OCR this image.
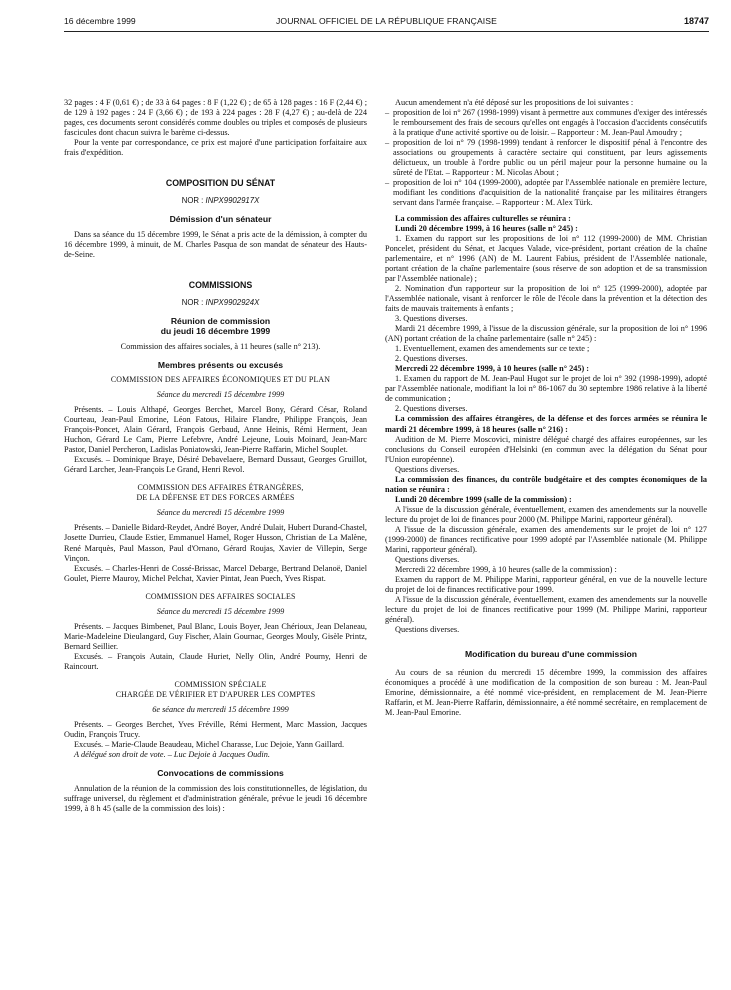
16 décembre 1999	JOURNAL OFFICIEL DE LA RÉPUBLIQUE FRANÇAISE	18747

32 pages : 4 F (0,61 €) ; de 33 à 64 pages : 8 F (1,22 €) ; de 65 à 128 pages : 16 F (2,44 €) ; de 129 à 192 pages : 24 F (3,66 €) ; de 193 à 224 pages : 28 F (4,27 €) ; au-delà de 224 pages, ces documents seront considérés comme doubles ou triples et composés de plusieurs fascicules dont chacun suivra le barème ci-dessus.

Pour la vente par correspondance, ce prix est majoré d'une participation forfaitaire aux frais d'expédition.

COMPOSITION DU SÉNAT

NOR : INPX9902917X

Démission d'un sénateur

Dans sa séance du 15 décembre 1999, le Sénat a pris acte de la démission, à compter du 16 décembre 1999, à minuit, de M. Charles Pasqua de son mandat de sénateur des Hauts-de-Seine.

COMMISSIONS

NOR : INPX9902924X

Réunion de commission
du jeudi 16 décembre 1999

Commission des affaires sociales, à 11 heures (salle n° 213).

Membres présents ou excusés

COMMISSION DES AFFAIRES ÉCONOMIQUES ET DU PLAN

Séance du mercredi 15 décembre 1999

Présents. – Louis Althapé, Georges Berchet, Marcel Bony, Gérard César, Roland Courteau, Jean-Paul Emorine, Léon Fatous, Hilaire Flandre, Philippe François, Jean François-Poncet, Alain Gérard, François Gerbaud, Anne Heinis, Rémi Herment, Jean Huchon, Gérard Le Cam, Pierre Lefebvre, André Lejeune, Louis Moinard, Jean-Marc Pastor, Daniel Percheron, Ladislas Poniatowski, Jean-Pierre Raffarin, Michel Souplet.

Excusés. – Dominique Braye, Désiré Debavelaere, Bernard Dussaut, Georges Gruillot, Gérard Larcher, Jean-François Le Grand, Henri Revol.

COMMISSION DES AFFAIRES ÉTRANGÈRES,
DE LA DÉFENSE ET DES FORCES ARMÉES

Séance du mercredi 15 décembre 1999

Présents. – Danielle Bidard-Reydet, André Boyer, André Dulait, Hubert Durand-Chastel, Josette Durrieu, Claude Estier, Emmanuel Hamel, Roger Husson, Christian de La Malène, René Marquès, Paul Masson, Paul d'Ornano, Gérard Roujas, Xavier de Villepin, Serge Vinçon.

Excusés. – Charles-Henri de Cossé-Brissac, Marcel Debarge, Bertrand Delanoë, Daniel Goulet, Pierre Mauroy, Michel Pelchat, Xavier Pintat, Jean Puech, Yves Rispat.

COMMISSION DES AFFAIRES SOCIALES

Séance du mercredi 15 décembre 1999

Présents. – Jacques Bimbenet, Paul Blanc, Louis Boyer, Jean Chérioux, Jean Delaneau, Marie-Madeleine Dieulangard, Guy Fischer, Alain Gournac, Georges Mouly, Gisèle Printz, Bernard Seillier.

Excusés. – François Autain, Claude Huriet, Nelly Olin, André Pourny, Henri de Raincourt.

COMMISSION SPÉCIALE
CHARGÉE DE VÉRIFIER ET D'APURER LES COMPTES

6e séance du mercredi 15 décembre 1999

Présents. – Georges Berchet, Yves Fréville, Rémi Herment, Marc Massion, Jacques Oudin, François Trucy.

Excusés. – Marie-Claude Beaudeau, Michel Charasse, Luc Dejoie, Yann Gaillard.

A délégué son droit de vote. – Luc Dejoie à Jacques Oudin.

Convocations de commissions

Annulation de la réunion de la commission des lois constitutionnelles, de législation, du suffrage universel, du règlement et d'administration générale, prévue le jeudi 16 décembre 1999, à 8 h 45 (salle de la commission des lois) :

Aucun amendement n'a été déposé sur les propositions de loi suivantes :

– proposition de loi n° 267 (1998-1999) visant à permettre aux communes d'exiger des intéressés le remboursement des frais de secours qu'elles ont engagés à l'occasion d'accidents consécutifs à la pratique d'une activité sportive ou de loisir. – Rapporteur : M. Jean-Paul Amoudry ;

– proposition de loi n° 79 (1998-1999) tendant à renforcer le dispositif pénal à l'encontre des associations ou groupements à caractère sectaire qui constituent, par leurs agissements délictueux, un trouble à l'ordre public ou un péril majeur pour la personne humaine ou la sûreté de l'Etat. – Rapporteur : M. Nicolas About ;

– proposition de loi n° 104 (1999-2000), adoptée par l'Assemblée nationale en première lecture, modifiant les conditions d'acquisition de la nationalité française par les militaires étrangers servant dans l'armée française. – Rapporteur : M. Alex Türk.

La commission des affaires culturelles se réunira :

Lundi 20 décembre 1999, à 16 heures (salle n° 245) :

1. Examen du rapport sur les propositions de loi n° 112 (1999-2000) de MM. Christian Poncelet, président du Sénat, et Jacques Valade, vice-président, portant création de la chaîne parlementaire, et n° 1996 (AN) de M. Laurent Fabius, président de l'Assemblée nationale, portant création de la chaîne parlementaire (sous réserve de son adoption et de sa transmission par l'Assemblée nationale) ;

2. Nomination d'un rapporteur sur la proposition de loi n° 125 (1999-2000), adoptée par l'Assemblée nationale, visant à renforcer le rôle de l'école dans la prévention et la détection des faits de mauvais traitements à enfants ;

3. Questions diverses.

Mardi 21 décembre 1999, à l'issue de la discussion générale, sur la proposition de loi n° 1996 (AN) portant création de la chaîne parlementaire (salle n° 245) :

1. Eventuellement, examen des amendements sur ce texte ;

2. Questions diverses.

Mercredi 22 décembre 1999, à 10 heures (salle n° 245) :

1. Examen du rapport de M. Jean-Paul Hugot sur le projet de loi n° 392 (1998-1999), adopté par l'Assemblée nationale, modifiant la loi n° 86-1067 du 30 septembre 1986 relative à la liberté de communication ;

2. Questions diverses.

La commission des affaires étrangères, de la défense et des forces armées se réunira le mardi 21 décembre 1999, à 18 heures (salle n° 216) :

Audition de M. Pierre Moscovici, ministre délégué chargé des affaires européennes, sur les conclusions du Conseil européen d'Helsinki (en commun avec la délégation du Sénat pour l'Union européenne).

Questions diverses.

La commission des finances, du contrôle budgétaire et des comptes économiques de la nation se réunira :

Lundi 20 décembre 1999 (salle de la commission) :

A l'issue de la discussion générale, éventuellement, examen des amendements sur la nouvelle lecture du projet de loi de finances pour 2000 (M. Philippe Marini, rapporteur général).

A l'issue de la discussion générale, examen des amendements sur le projet de loi n° 127 (1999-2000) de finances rectificative pour 1999 adopté par l'Assemblée nationale (M. Philippe Marini, rapporteur général).

Questions diverses.

Mercredi 22 décembre 1999, à 10 heures (salle de la commission) :

Examen du rapport de M. Philippe Marini, rapporteur général, en vue de la nouvelle lecture du projet de loi de finances rectificative pour 1999.

A l'issue de la discussion générale, éventuellement, examen des amendements sur la nouvelle lecture du projet de loi de finances rectificative pour 1999 (M. Philippe Marini, rapporteur général).

Questions diverses.

Modification du bureau d'une commission

Au cours de sa réunion du mercredi 15 décembre 1999, la commission des affaires économiques a procédé à une modification de la composition de son bureau : M. Jean-Paul Emorine, démissionnaire, a été nommé vice-président, en remplacement de M. Jean-Pierre Raffarin, et M. Jean-Pierre Raffarin, démissionnaire, a été nommé secrétaire, en remplacement de M. Jean-Paul Emorine.
